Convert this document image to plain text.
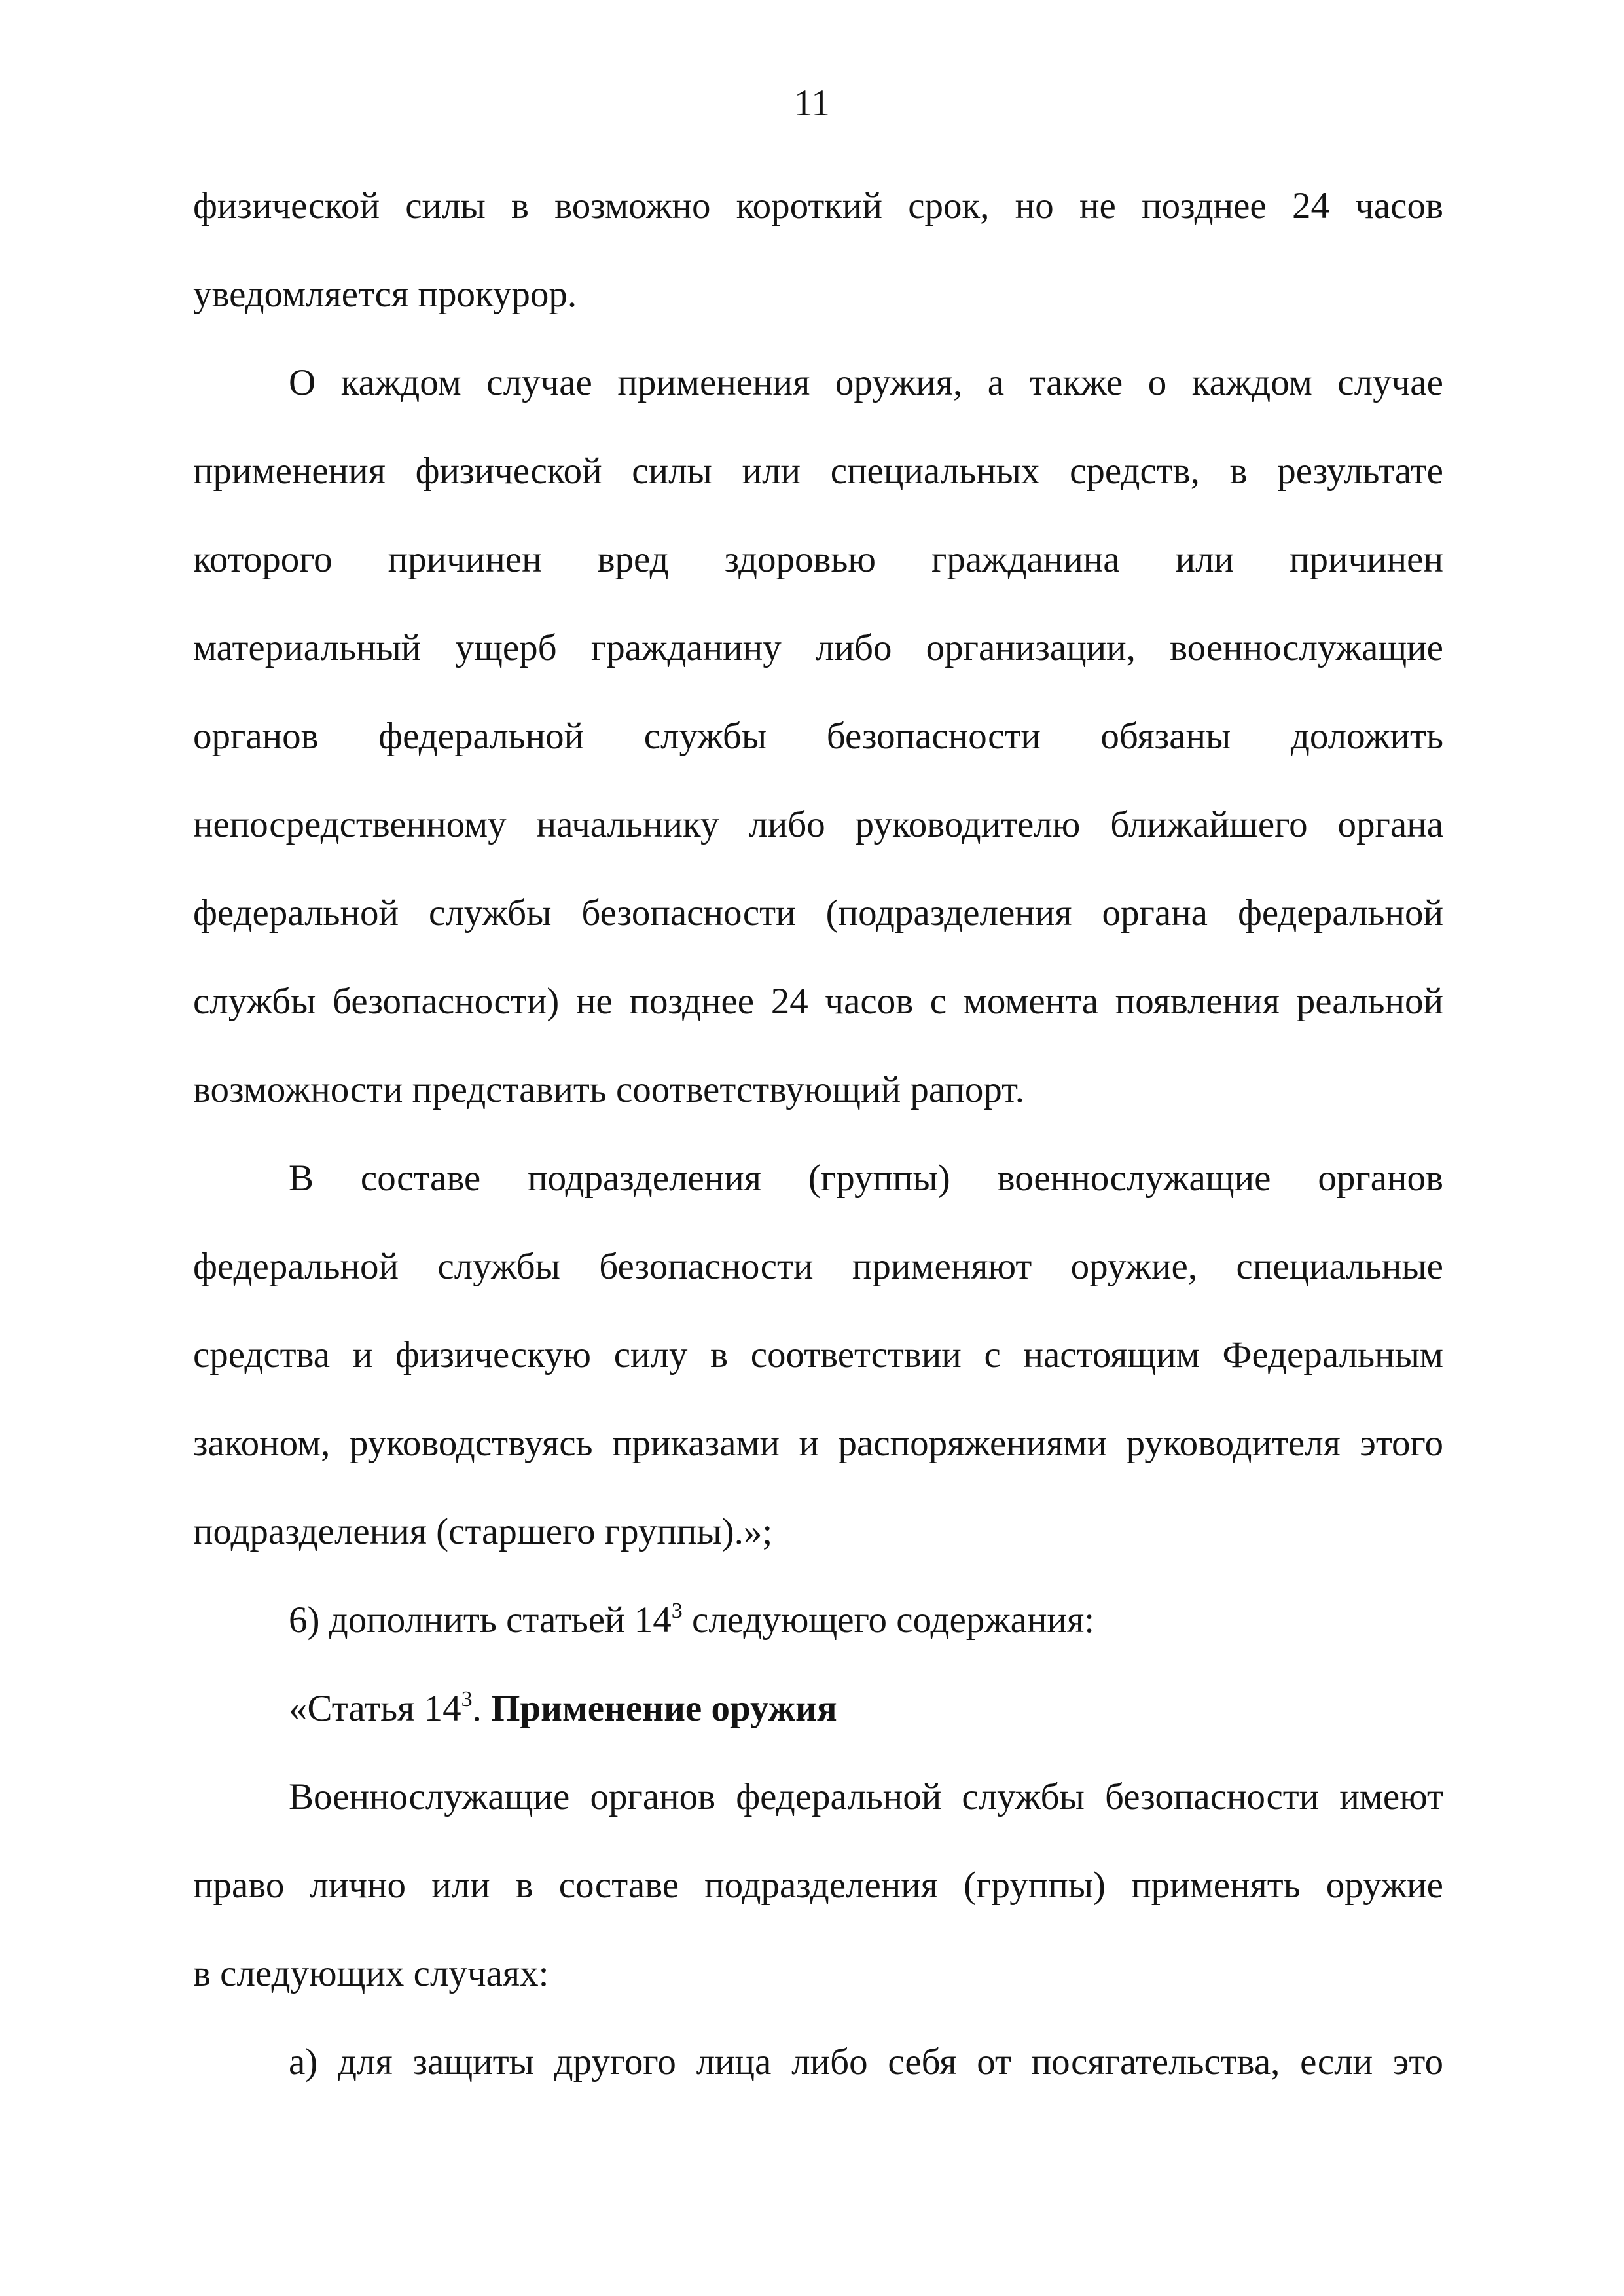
11
физической силы в возможно короткий срок, но не позднее 24 часов
уведомляется прокурор.
О каждом случае применения оружия, а также о каждом случае
применения физической силы или специальных средств, в результате
которого причинен вред здоровью гражданина или причинен
материальный ущерб гражданину либо организации, военнослужащие
органов федеральной службы безопасности обязаны доложить
непосредственному начальнику либо руководителю ближайшего органа
федеральной службы безопасности (подразделения органа федеральной
службы безопасности) не позднее 24 часов с момента появления реальной
возможности представить соответствующий рапорт.
В составе подразделения (группы) военнослужащие органов
федеральной службы безопасности применяют оружие, специальные
средства и физическую силу в соответствии с настоящим Федеральным
законом, руководствуясь приказами и распоряжениями руководителя этого
подразделения (старшего группы).»;
6) дополнить статьей $14^3$ следующего содержания:
«Статья $14^3$. Применение оружия
Военнослужащие органов федеральной службы безопасности имеют
право лично или в составе подразделения (группы) применять оружие
в следующих случаях:
а) для защиты другого лица либо себя от посягательства, если это
